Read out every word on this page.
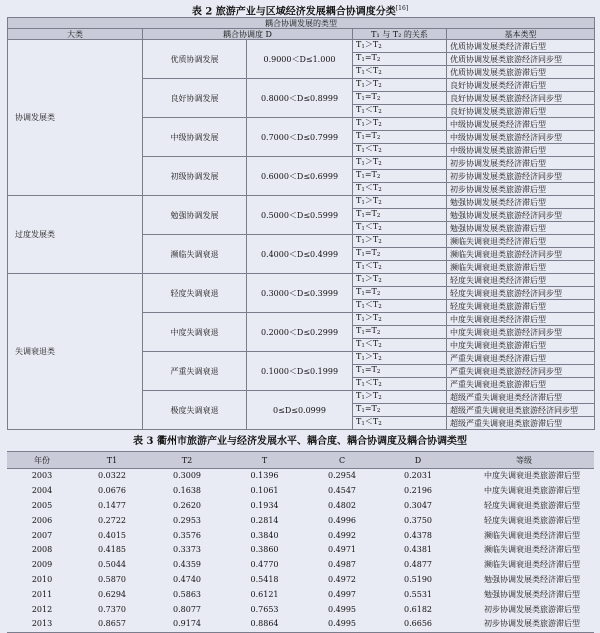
表 2 旅游产业与区域经济发展耦合协调度分类[16]
耦合协调发展的类型				
大类	耦合协调度 D		T₁ 与 T₂ 的关系	基本类型
协调发展类	优质协调发展	0.9000＜D≤1.000	T1＞T2	优质协调发展类经济滞后型
			T1=T2	优质协调发展类旅游经济同步型
			T1＜T2	优质协调发展类旅游滞后型
	良好协调发展	0.8000＜D≤0.8999	T1＞T2	良好协调发展类经济滞后型
			T1=T2	良好协调发展类旅游经济同步型
			T1＜T2	良好协调发展类旅游滞后型
	中级协调发展	0.7000＜D≤0.7999	T1＞T2	中级协调发展类经济滞后型
			T1=T2	中级协调发展类旅游经济同步型
			T1＜T2	中级协调发展类旅游滞后型
	初级协调发展	0.6000＜D≤0.6999	T1＞T2	初步协调发展类经济滞后型
			T1=T2	初步协调发展类旅游经济同步型
			T1＜T2	初步协调发展类旅游滞后型
过度发展类	勉强协调发展	0.5000＜D≤0.5999	T1＞T2	勉强协调发展类经济滞后型
			T1=T2	勉强协调发展类旅游经济同步型
			T1＜T2	勉强协调发展类旅游滞后型
	濒临失调衰退	0.4000＜D≤0.4999	T1＞T2	濒临失调衰退类经济滞后型
			T1=T2	濒临失调衰退类旅游经济同步型
			T1＜T2	濒临失调衰退类旅游滞后型
失调衰退类	轻度失调衰退	0.3000＜D≤0.3999	T1＞T2	轻度失调衰退类经济滞后型
			T1=T2	轻度失调衰退类旅游经济同步型
			T1＜T2	轻度失调衰退类旅游滞后型
	中度失调衰退	0.2000＜D≤0.2999	T1＞T2	中度失调衰退类经济滞后型
			T1=T2	中度失调衰退类旅游经济同步型
			T1＜T2	中度失调衰退类旅游滞后型
	严重失调衰退	0.1000＜D≤0.1999	T1＞T2	严重失调衰退类经济滞后型
			T1=T2	严重失调衰退类旅游经济同步型
			T1＜T2	严重失调衰退类旅游滞后型
	极度失调衰退	0≤D≤0.0999	T1＞T2	超级严重失调衰退类经济滞后型
			T1=T2	超级严重失调衰退类旅游经济同步型
			T1＜T2	超级严重失调衰退类旅游滞后型
表 3 衢州市旅游产业与经济发展水平、耦合度、耦合协调度及耦合协调类型
年份	T1	T2	T	C	D	等级
2003	0.0322	0.3009	0.1396	0.2954	0.2031	中度失调衰退类旅游滞后型
2004	0.0676	0.1638	0.1061	0.4547	0.2196	中度失调衰退类旅游滞后型
2005	0.1477	0.2620	0.1934	0.4802	0.3047	轻度失调衰退类旅游滞后型
2006	0.2722	0.2953	0.2814	0.4996	0.3750	轻度失调衰退类旅游滞后型
2007	0.4015	0.3576	0.3840	0.4992	0.4378	濒临失调衰退类经济滞后型
2008	0.4185	0.3373	0.3860	0.4971	0.4381	濒临失调衰退类经济滞后型
2009	0.5044	0.4359	0.4770	0.4987	0.4877	濒临失调衰退类经济滞后型
2010	0.5870	0.4740	0.5418	0.4972	0.5190	勉强协调发展类经济滞后型
2011	0.6294	0.5863	0.6121	0.4997	0.5531	勉强协调发展类经济滞后型
2012	0.7370	0.8077	0.7653	0.4995	0.6182	初步协调发展类旅游滞后型
2013	0.8657	0.9174	0.8864	0.4995	0.6656	初步协调发展类旅游滞后型
